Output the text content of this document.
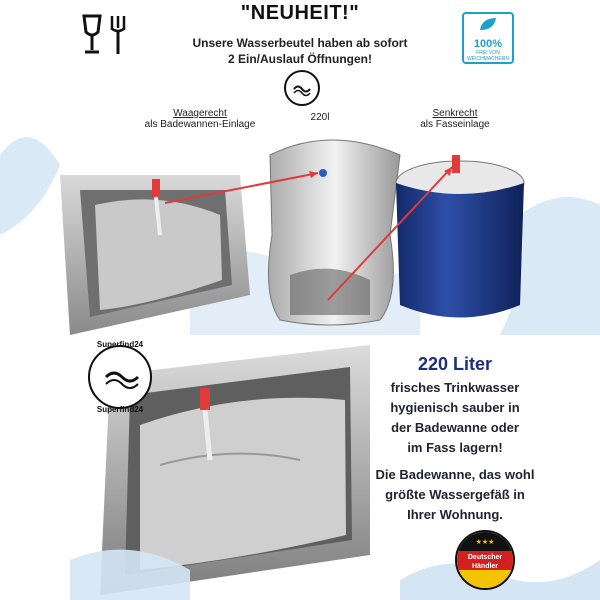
"NEUHEIT!"
Unsere Wasserbeutel haben ab sofort
2 Ein/Auslauf Öffnungen!
100%
FREI VON
WEICHMACHERN
Waagerecht
als Badewannen-Einlage
220l	Senkrecht
als Fasseinlage
Superfind24
Superfind24
220 Liter
frisches Trinkwasser
hygienisch sauber in
der Badewanne oder
im Fass lagern!
Die Badewanne, das wohl
größte Wassergefäß in
Ihrer Wohnung.
★★★
Deutscher
Händler
